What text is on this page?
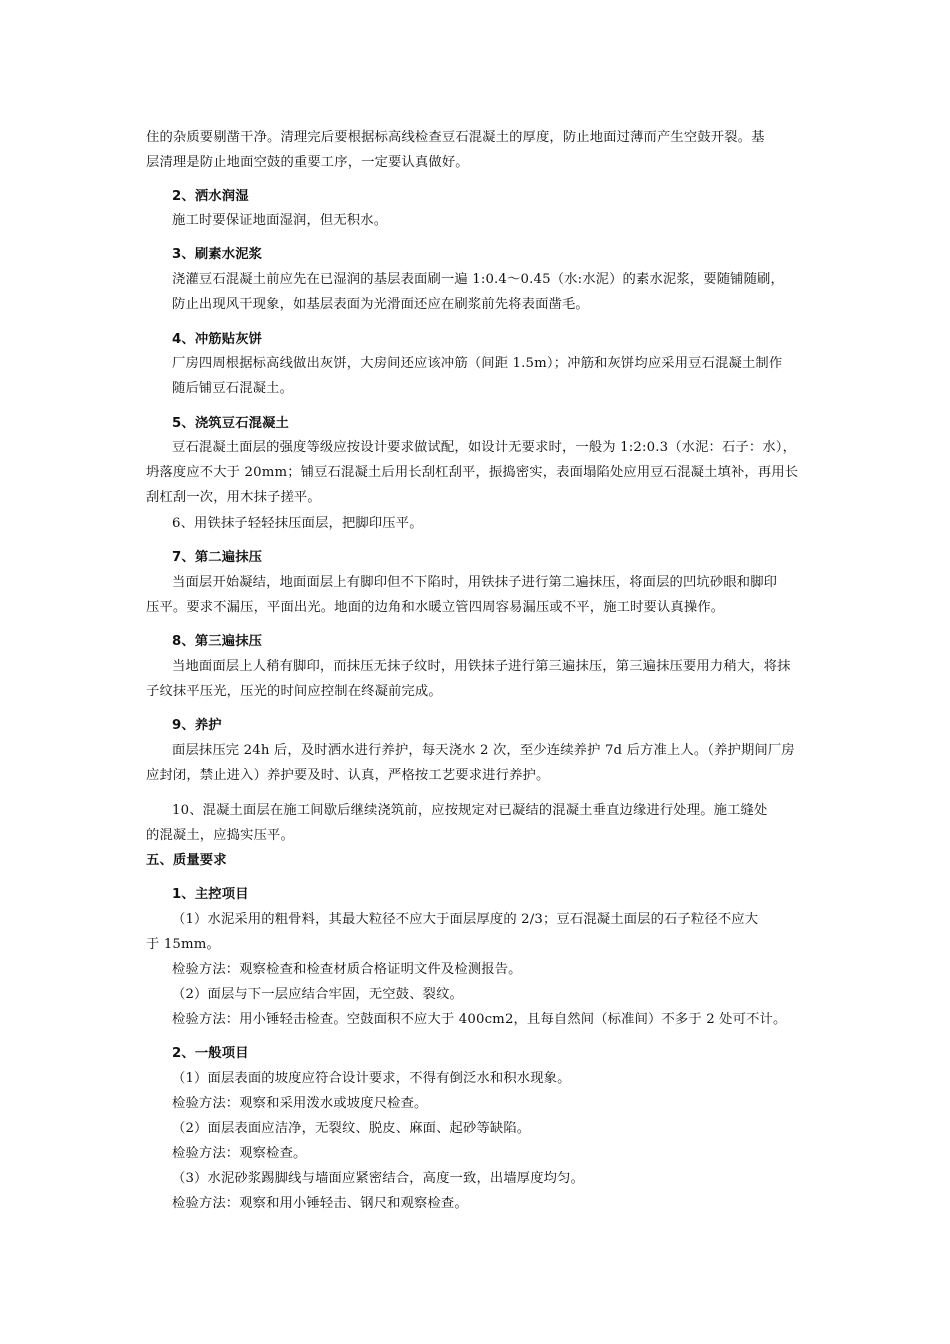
住的杂质要剔凿干净。清理完后要根据标高线检查豆石混凝土的厚度，防止地面过薄而产生空鼓开裂。基
层清理是防止地面空鼓的重要工序，一定要认真做好。
2、洒水润湿
施工时要保证地面湿润，但无积水。
3、刷素水泥浆
浇灌豆石混凝土前应先在已湿润的基层表面刷一遍 1:0.4～0.45（水:水泥）的素水泥浆，要随铺随刷，
防止出现风干现象，如基层表面为光滑面还应在刷浆前先将表面凿毛。
4、冲筋贴灰饼
厂房四周根据标高线做出灰饼，大房间还应该冲筋（间距 1.5m）；冲筋和灰饼均应采用豆石混凝土制作
随后铺豆石混凝土。
5、浇筑豆石混凝土
豆石混凝土面层的强度等级应按设计要求做试配，如设计无要求时，一般为 1:2:0.3（水泥：石子：水），
坍落度应不大于 20mm；铺豆石混凝土后用长刮杠刮平，振捣密实，表面塌陷处应用豆石混凝土填补，再用长
刮杠刮一次，用木抹子搓平。
6、用铁抹子轻轻抹压面层，把脚印压平。
7、第二遍抹压
当面层开始凝结，地面面层上有脚印但不下陷时，用铁抹子进行第二遍抹压，将面层的凹坑砂眼和脚印
压平。要求不漏压，平面出光。地面的边角和水暖立管四周容易漏压或不平，施工时要认真操作。
8、第三遍抹压
当地面面层上人稍有脚印，而抹压无抹子纹时，用铁抹子进行第三遍抹压，第三遍抹压要用力稍大，将抹
子纹抹平压光，压光的时间应控制在终凝前完成。
9、养护
面层抹压完 24h 后，及时洒水进行养护，每天浇水 2 次，至少连续养护 7d 后方准上人。（养护期间厂房
应封闭，禁止进入）养护要及时、认真，严格按工艺要求进行养护。
10、混凝土面层在施工间歇后继续浇筑前，应按规定对已凝结的混凝土垂直边缘进行处理。施工缝处
的混凝土，应捣实压平。
五、质量要求
1、主控项目
（1）水泥采用的粗骨料，其最大粒径不应大于面层厚度的 2/3；豆石混凝土面层的石子粒径不应大
于 15mm。
检验方法：观察检查和检查材质合格证明文件及检测报告。
（2）面层与下一层应结合牢固，无空鼓、裂纹。
检验方法：用小锤轻击检查。空鼓面积不应大于 400cm2，且每自然间（标准间）不多于 2 处可不计。
2、一般项目
（1）面层表面的坡度应符合设计要求，不得有倒泛水和积水现象。
检验方法：观察和采用泼水或坡度尺检查。
（2）面层表面应洁净，无裂纹、脱皮、麻面、起砂等缺陷。
检验方法：观察检查。
（3）水泥砂浆踢脚线与墙面应紧密结合，高度一致，出墙厚度均匀。
检验方法：观察和用小锤轻击、钢尺和观察检查。
